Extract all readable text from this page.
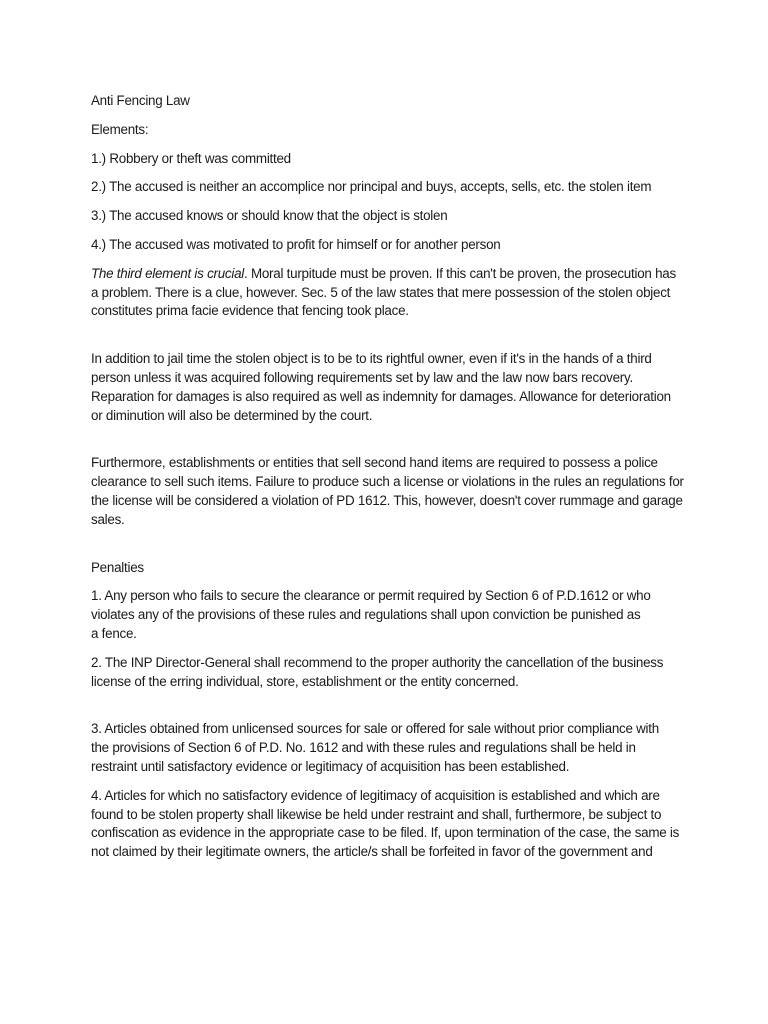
Anti Fencing Law

Elements:

1.) Robbery or theft was committed

2.) The accused is neither an accomplice nor principal and buys, accepts, sells, etc. the stolen item

3.) The accused knows or should know that the object is stolen

4.) The accused was motivated to profit for himself or for another person

The third element is crucial. Moral turpitude must be proven. If this can't be proven, the prosecution has

a problem. There is a clue, however. Sec. 5 of the law states that mere possession of the stolen object

constitutes prima facie evidence that fencing took place.

In addition to jail time the stolen object is to be to its rightful owner, even if it's in the hands of a third

person unless it was acquired following requirements set by law and the law now bars recovery.

Reparation for damages is also required as well as indemnity for damages. Allowance for deterioration

or diminution will also be determined by the court.

Furthermore, establishments or entities that sell second hand items are required to possess a police

clearance to sell such items. Failure to produce such a license or violations in the rules an regulations for

the license will be considered a violation of PD 1612. This, however, doesn't cover rummage and garage

sales.

Penalties

1. Any person who fails to secure the clearance or permit required by Section 6 of P.D.1612 or who

violates any of the provisions of these rules and regulations shall upon conviction be punished as

a fence.

2. The INP Director-General shall recommend to the proper authority the cancellation of the business

license of the erring individual, store, establishment or the entity concerned.

3. Articles obtained from unlicensed sources for sale or offered for sale without prior compliance with

the provisions of Section 6 of P.D. No. 1612 and with these rules and regulations shall be held in

restraint until satisfactory evidence or legitimacy of acquisition has been established.

4. Articles for which no satisfactory evidence of legitimacy of acquisition is established and which are

found to be stolen property shall likewise be held under restraint and shall, furthermore, be subject to

confiscation as evidence in the appropriate case to be filed. If, upon termination of the case, the same is

not claimed by their legitimate owners, the article/s shall be forfeited in favor of the government and
